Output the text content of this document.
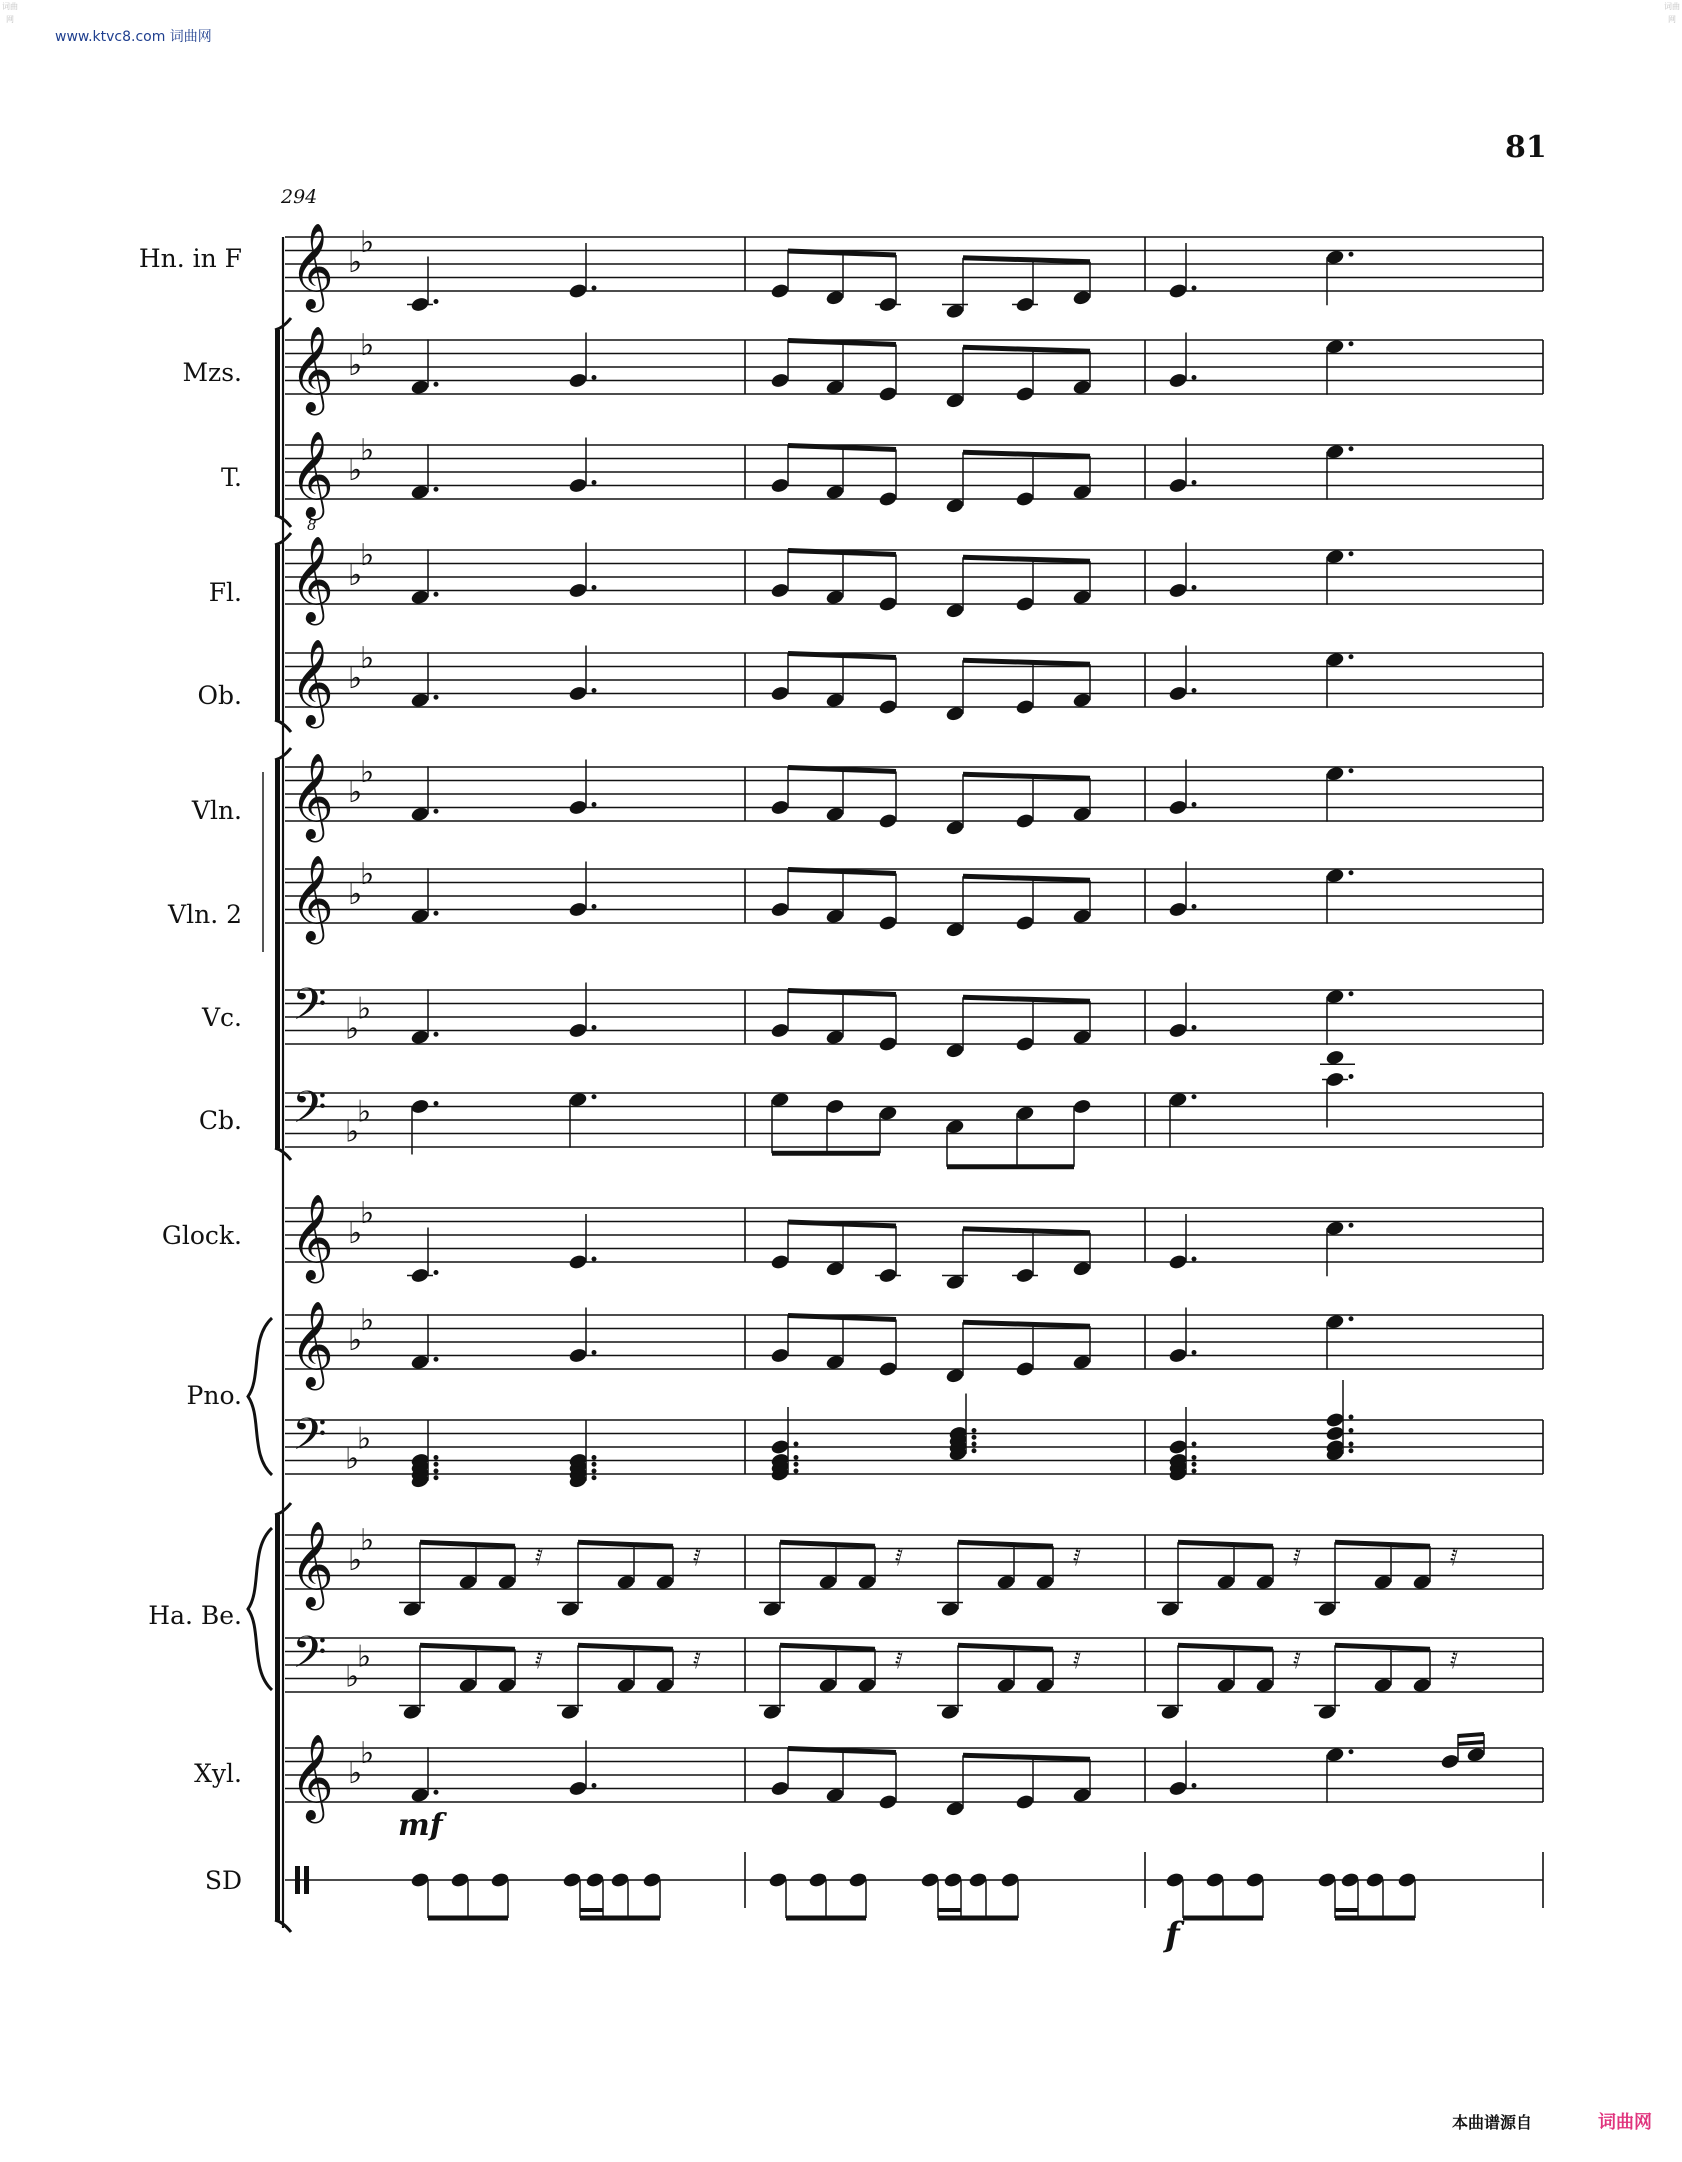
词曲网
词曲网
www.ktvc8.com 词曲网
81
294
Hn. in F
Mzs.
T.
Fl.
Ob.
Vln.
Vln. 2
Vc.
Cb.
Glock.
Pno.
Ha. Be.
Xyl.
SD
𝄞 ♭
♭
𝄞 ♭
♭
𝄞
8
♭
♭
𝄞 ♭
♭
𝄞 ♭
♭
𝄞 ♭
♭
𝄞 ♭
♭
𝄢 ♭
♭
𝄢 ♭
♭
𝄞 ♭
♭
𝄞 ♭
♭
𝄢 ♭
♭
𝄞 ♭
♭
𝄢 ♭
♭
𝄞 ♭
♭
𝅀	𝅀	𝅀	𝅀	𝅀	𝅀
𝅀	𝅀	𝅀	𝅀	𝅀	𝅀
mf
f
本曲谱源自	词曲网
